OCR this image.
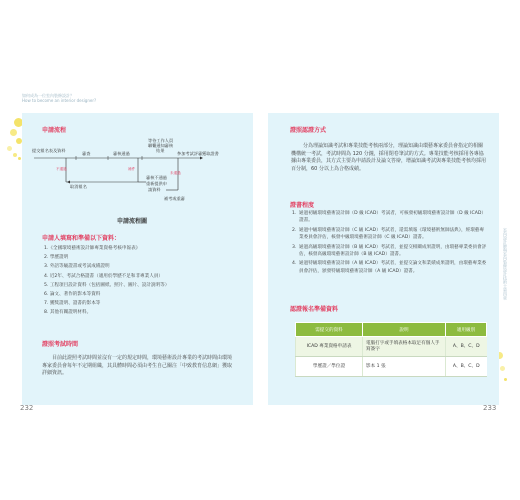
如何成為一位室內裝修設計？
How to become an interior designer?
申請流程
提交報名表及資料
審查	審核通過
等待工作人員
聯繫通知審核
結果
參加考試評審 獲取證書
不通過	補件
未通過
取消報名
審核不通過
重新提供申
請資料
補考或重審
申請流程圖
申請人填寫和準備以下資料：
1.《全國環境藝術設計師專業資格考核申報表》
2. 學歷證明
3. 外語等級證書或考試成績證明
4. 近2年、考試合格證書（適用於學歷不足和非專業人員）
5. 工程項目設計資料（包括圖紙、照片、圖片、設計說明等）
6. 論文、著作的影本等資料
7. 獲獎證明、證書的影本等
8. 其他有關證明材料。
證照考試時間
目前此證照考試時間並沒有一定的規定時間，環境藝術設計專業的考試時間由環境專家委員會每年不定期組織，其具體時間必須由考生自己關注「中致教育信息網」獲取詳細資訊。
232
證照認證方式
分為理論知識考試和專業技能考核兩部分，理論知識由環藝專家委員會指定的相關機構統一考試，考試時間為 120 分鐘，採用閉卷筆試的方式。專業技能考核採用各專協據由專業委員，其方式主要為申請設計及論文答辯，增論知識考試與專業技能考核均採用百分制，60 分以上為合格成績。
證書程度
1. 通過初級環境藝術設計師（D 級 ICAD）考試者，可核發初級環境藝術設計師（D 級 ICAD）證書。
2. 通過中級環境藝術設計師（C 級 ICAD）考試者，還需填報《環境藝術無師法典》，經環藝專業委員會評估，核發中級環境藝術設計師（C 級 ICAD）證書。
3. 通過高級環境藝術設計師（B 級 ICAD）考試者，並提交相關成果證明，由環藝專業委員會評估，核發高級環境藝術設計師（B 級 ICAD）證書。
4. 通過特級環境藝術設計師（A 級 ICAD）考試者，並提交論文和業績成果證明，由環藝專業委員會評估，頒發特級環境藝術設計師（A 級 ICAD）證書。
認證報名準備資料
需提交的資料	說明	適用級別
ICAD 專業資格申請表	電腦打字或手填表格本取足有個人手寫簽字	A、B、C、D
學歷證／學位證	影本 1 張	A、B、C、D
233
室內設計師與室內裝修設計技術士第四章
